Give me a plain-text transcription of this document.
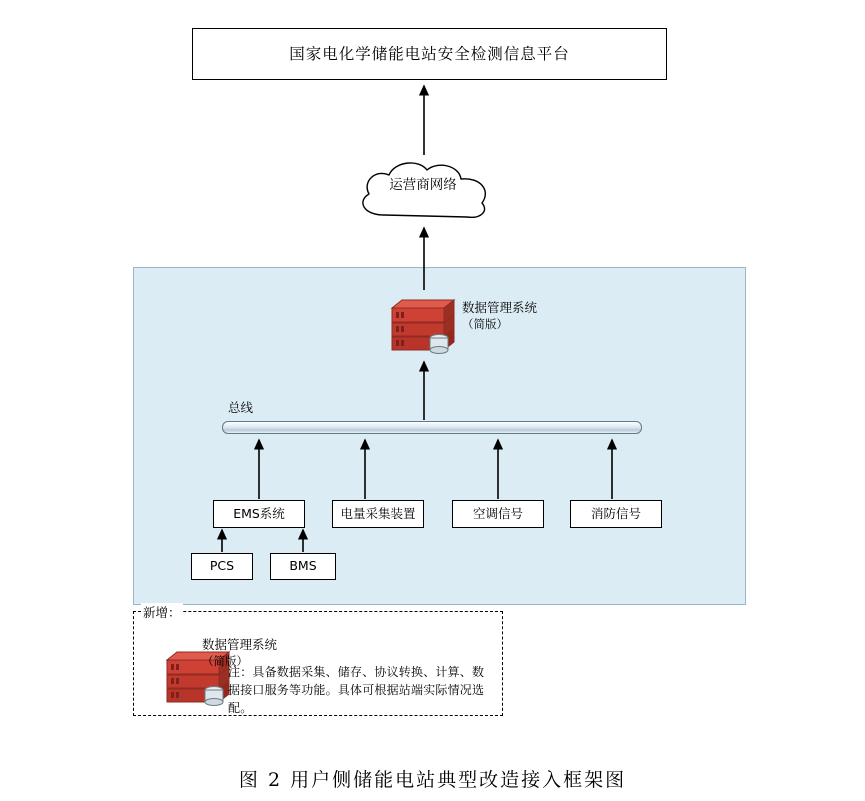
国家电化学储能电站安全检测信息平台
运营商网络
数据管理系统
（简版）
总线
EMS系统	电量采集装置	空调信号	消防信号
PCS	BMS
新增：
数据管理系统
（简版）
注：具备数据采集、储存、协议转换、计算、数据接口服务等功能。具体可根据站端实际情况选配。
图 2 用户侧储能电站典型改造接入框架图
